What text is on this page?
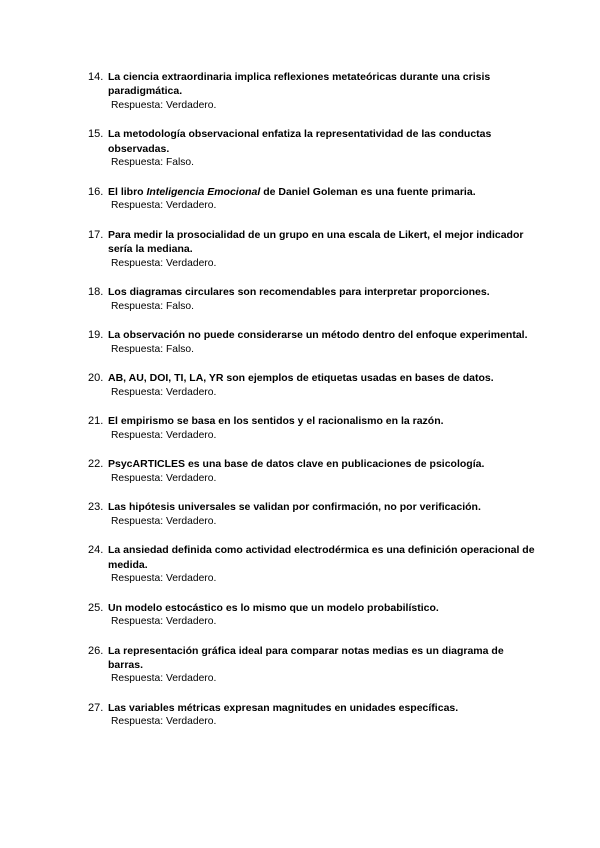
14. La ciencia extraordinaria implica reflexiones metateóricas durante una crisis paradigmática.

Respuesta: Verdadero.

15. La metodología observacional enfatiza la representatividad de las conductas observadas.

Respuesta: Falso.

16. El libro Inteligencia Emocional de Daniel Goleman es una fuente primaria.

Respuesta: Verdadero.

17. Para medir la prosocialidad de un grupo en una escala de Likert, el mejor indicador sería la mediana.

Respuesta: Verdadero.

18. Los diagramas circulares son recomendables para interpretar proporciones.

Respuesta: Falso.

19. La observación no puede considerarse un método dentro del enfoque experimental.

Respuesta: Falso.

20. AB, AU, DOI, TI, LA, YR son ejemplos de etiquetas usadas en bases de datos.

Respuesta: Verdadero.

21. El empirismo se basa en los sentidos y el racionalismo en la razón.

Respuesta: Verdadero.

22. PsycARTICLES es una base de datos clave en publicaciones de psicología.

Respuesta: Verdadero.

23. Las hipótesis universales se validan por confirmación, no por verificación.

Respuesta: Verdadero.

24. La ansiedad definida como actividad electrodérmica es una definición operacional de medida.

Respuesta: Verdadero.

25. Un modelo estocástico es lo mismo que un modelo probabilístico.

Respuesta: Verdadero.

26. La representación gráfica ideal para comparar notas medias es un diagrama de barras.

Respuesta: Verdadero.

27. Las variables métricas expresan magnitudes en unidades específicas.

Respuesta: Verdadero.
